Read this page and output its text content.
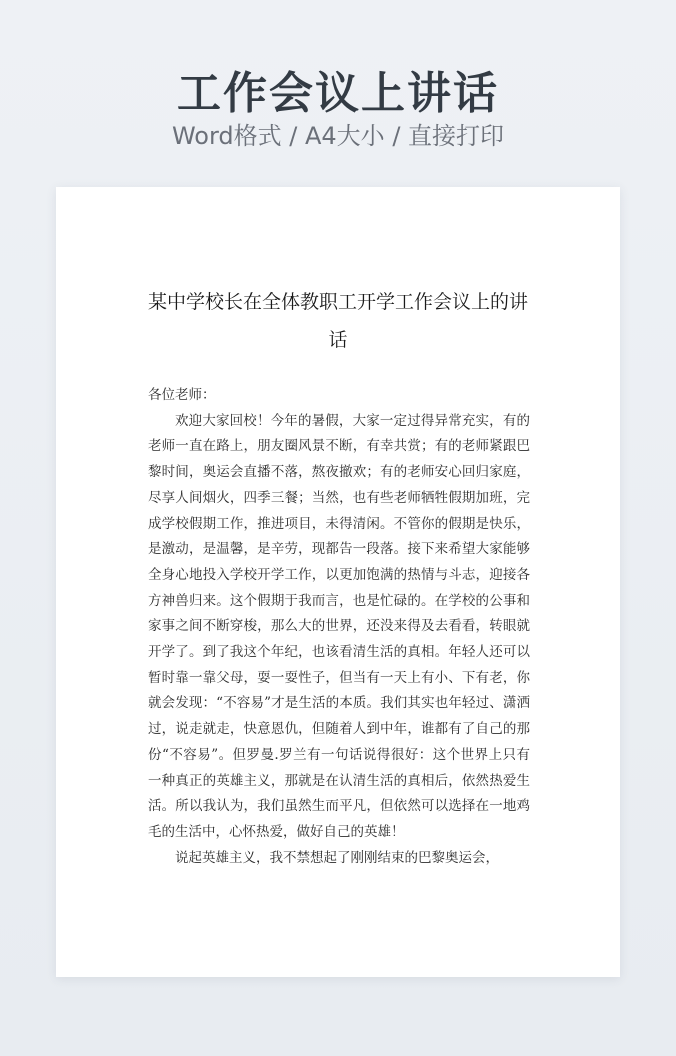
工作会议上讲话
Word格式 / A4大小 / 直接打印
某中学校长在全体教职工开学工作会议上的讲话

各位老师：

欢迎大家回校！今年的暑假，大家一定过得异常充实，有的老师一直在路上，朋友圈风景不断，有幸共赏；有的老师紧跟巴黎时间，奥运会直播不落，熬夜撤欢；有的老师安心回归家庭，尽享人间烟火，四季三餐；当然，也有些老师牺牲假期加班，完成学校假期工作，推进项目，未得清闲。不管你的假期是快乐，是激动，是温馨，是辛劳，现都告一段落。接下来希望大家能够全身心地投入学校开学工作，以更加饱满的热情与斗志，迎接各方神兽归来。这个假期于我而言，也是忙碌的。在学校的公事和家事之间不断穿梭，那么大的世界，还没来得及去看看，转眼就开学了。到了我这个年纪，也该看清生活的真相。年轻人还可以暂时靠一靠父母，耍一耍性子，但当有一天上有小、下有老，你就会发现：“不容易”才是生活的本质。我们其实也年轻过、潇洒过，说走就走，快意恩仇，但随着人到中年，谁都有了自己的那份“不容易”。但罗曼.罗兰有一句话说得很好：这个世界上只有一种真正的英雄主义，那就是在认清生活的真相后，依然热爱生活。所以我认为，我们虽然生而平凡，但依然可以选择在一地鸡毛的生活中，心怀热爱，做好自己的英雄！

说起英雄主义，我不禁想起了刚刚结束的巴黎奥运会，
